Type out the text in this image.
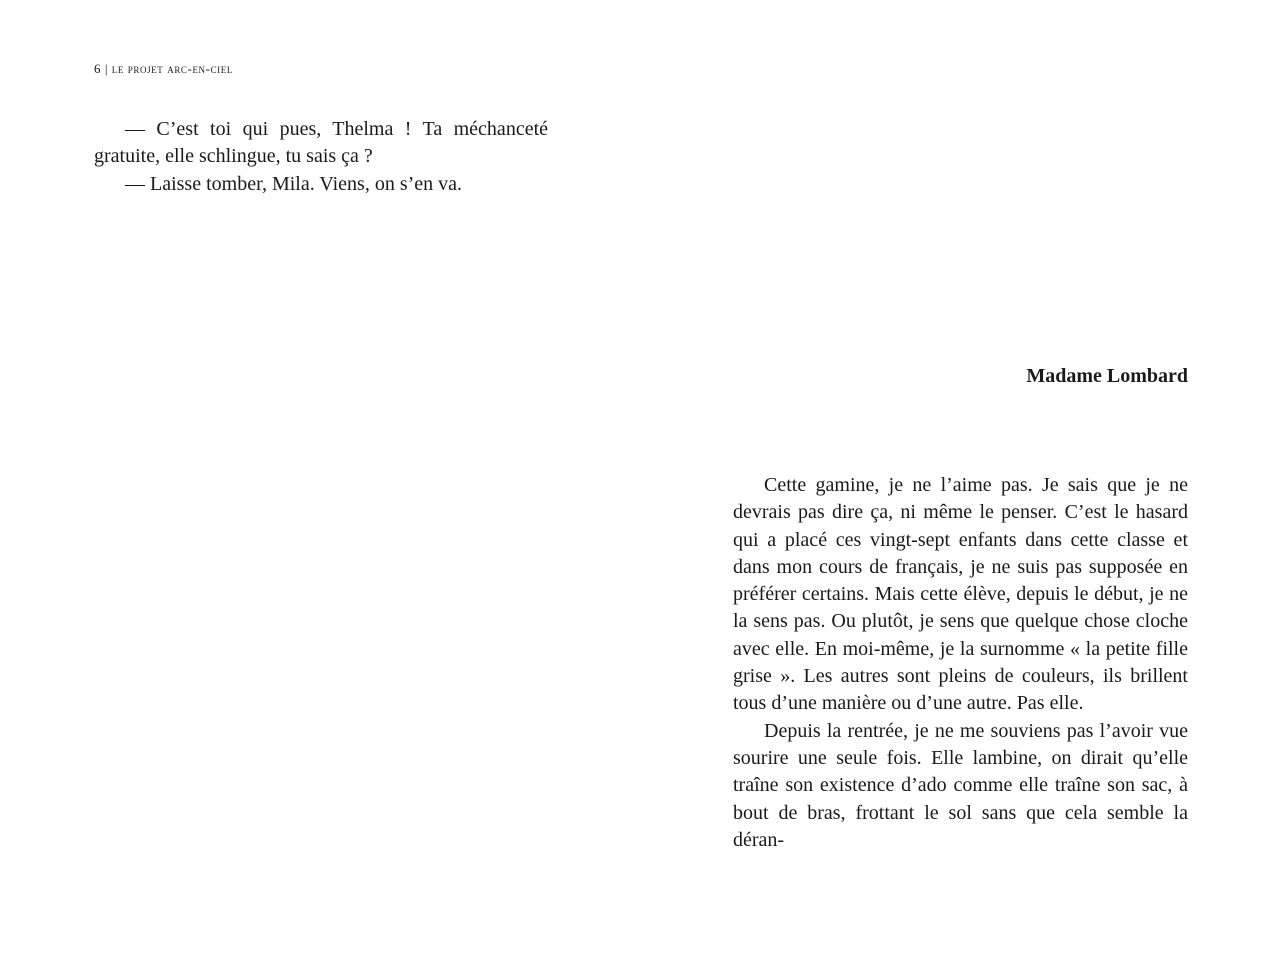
6 | le projet arc-en-ciel

— C’est toi qui pues, Thelma ! Ta méchanceté gratuite, elle schlingue, tu sais ça ?

— Laisse tomber, Mila. Viens, on s’en va.

Madame Lombard

Cette gamine, je ne l’aime pas. Je sais que je ne devrais pas dire ça, ni même le penser. C’est le hasard qui a placé ces vingt-sept enfants dans cette classe et dans mon cours de français, je ne suis pas supposée en préférer certains. Mais cette élève, depuis le début, je ne la sens pas. Ou plutôt, je sens que quelque chose cloche avec elle. En moi-même, je la surnomme « la petite fille grise ». Les autres sont pleins de couleurs, ils brillent tous d’une manière ou d’une autre. Pas elle.

Depuis la rentrée, je ne me souviens pas l’avoir vue sourire une seule fois. Elle lambine, on dirait qu’elle traîne son existence d’ado comme elle traîne son sac, à bout de bras, frottant le sol sans que cela semble la déran-
